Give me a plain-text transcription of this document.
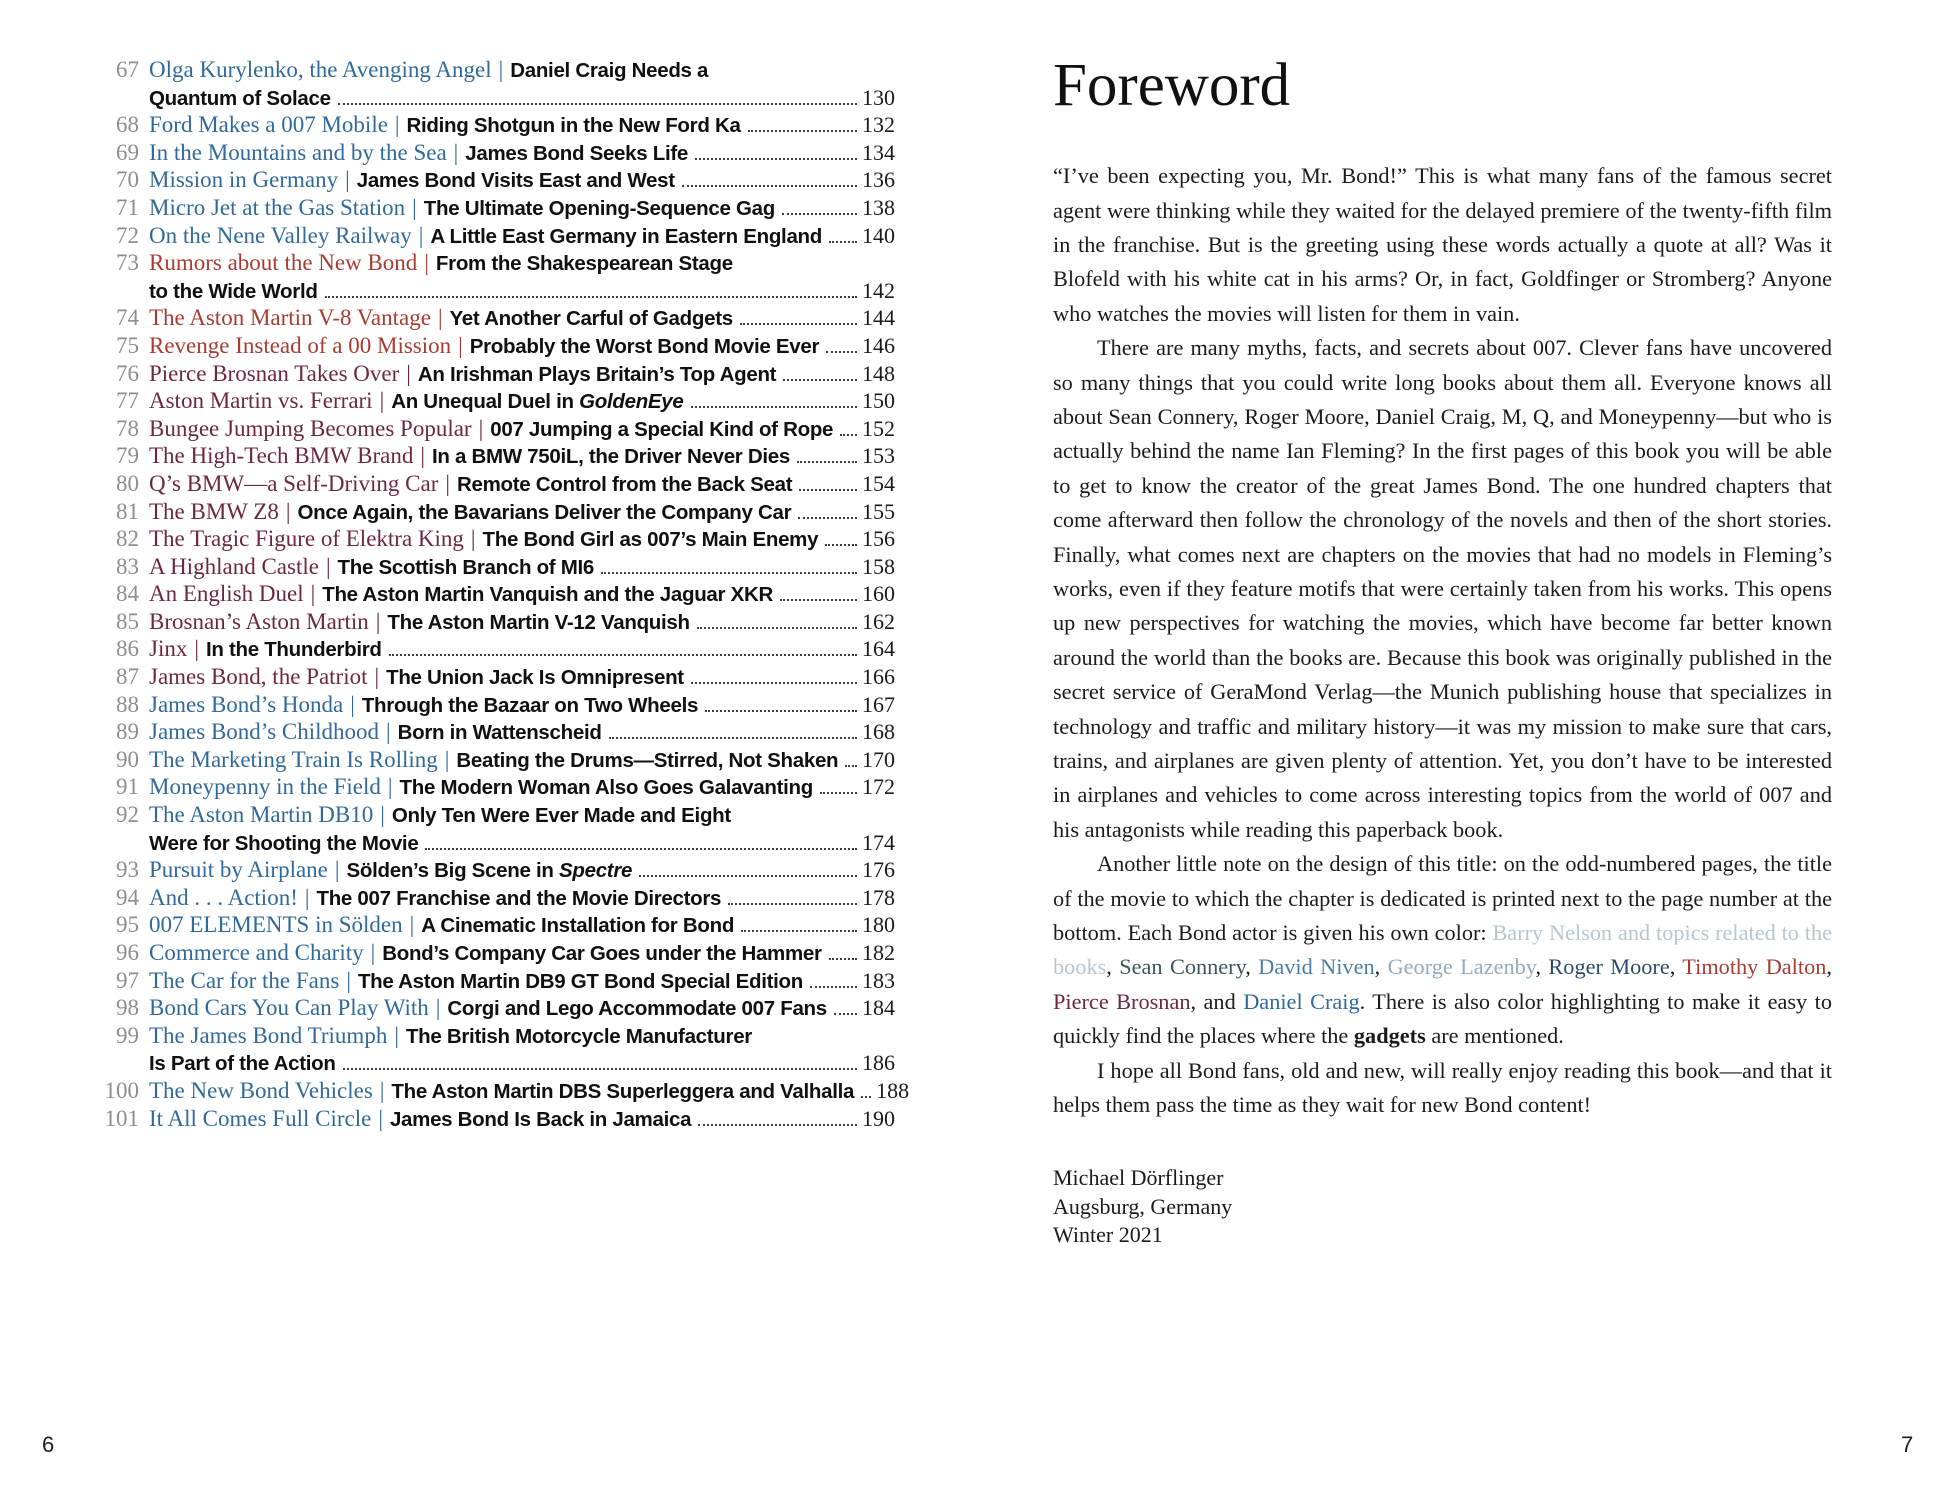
67 Olga Kurylenko, the Avenging Angel | Daniel Craig Needs a
Quantum of Solace	130
68 Ford Makes a 007 Mobile | Riding Shotgun in the New Ford Ka	132
69 In the Mountains and by the Sea | James Bond Seeks Life	134
70 Mission in Germany | James Bond Visits East and West	136
71 Micro Jet at the Gas Station | The Ultimate Opening-Sequence Gag	138
72 On the Nene Valley Railway | A Little East Germany in Eastern England 140
73 Rumors about the New Bond | From the Shakespearean Stage
to the Wide World	142
74 The Aston Martin V-8 Vantage | Yet Another Carful of Gadgets	144
75 Revenge Instead of a 00 Mission | Probably the Worst Bond Movie Ever 146
76 Pierce Brosnan Takes Over | An Irishman Plays Britain’s Top Agent	148
77 Aston Martin vs. Ferrari | An Unequal Duel in GoldenEye	150
78 Bungee Jumping Becomes Popular | 007 Jumping a Special Kind of Rope 152
79 The High-Tech BMW Brand | In a BMW 750iL, the Driver Never Dies	153
80 Q’s BMW—a Self-Driving Car | Remote Control from the Back Seat	154
81 The BMW Z8 | Once Again, the Bavarians Deliver the Company Car	155
82 The Tragic Figure of Elektra King | The Bond Girl as 007’s Main Enemy 156
83 A Highland Castle | The Scottish Branch of MI6	158
84 An English Duel | The Aston Martin Vanquish and the Jaguar XKR	160
85 Brosnan’s Aston Martin | The Aston Martin V-12 Vanquish	162
86 Jinx | In the Thunderbird	164
87 James Bond, the Patriot | The Union Jack Is Omnipresent	166
88 James Bond’s Honda | Through the Bazaar on Two Wheels	167
89 James Bond’s Childhood | Born in Wattenscheid	168
90 The Marketing Train Is Rolling | Beating the Drums—Stirred, Not Shaken 170
91 Moneypenny in the Field | The Modern Woman Also Goes Galavanting 172
92 The Aston Martin DB10 | Only Ten Were Ever Made and Eight
Were for Shooting the Movie	174
93 Pursuit by Airplane | Sölden’s Big Scene in Spectre	176
94 And . . . Action! | The 007 Franchise and the Movie Directors	178
95 007 ELEMENTS in Sölden | A Cinematic Installation for Bond	180
96 Commerce and Charity | Bond’s Company Car Goes under the Hammer 182
97 The Car for the Fans | The Aston Martin DB9 GT Bond Special Edition	183
98 Bond Cars You Can Play With | Corgi and Lego Accommodate 007 Fans 184
99 The James Bond Triumph | The British Motorcycle Manufacturer
Is Part of the Action	186
100 The New Bond Vehicles | The Aston Martin DBS Superleggera and Valhalla 188
101 It All Comes Full Circle | James Bond Is Back in Jamaica	190
Foreword

“I’ve been expecting you, Mr. Bond!” This is what many fans of the famous secret agent were thinking while they waited for the delayed premiere of the twenty-fifth film in the franchise. But is the greeting using these words actually a quote at all? Was it Blofeld with his white cat in his arms? Or, in fact, Goldfinger or Stromberg? Anyone who watches the movies will listen for them in vain.

There are many myths, facts, and secrets about 007. Clever fans have uncovered so many things that you could write long books about them all. Everyone knows all about Sean Connery, Roger Moore, Daniel Craig, M, Q, and Moneypenny—but who is actually behind the name Ian Fleming? In the first pages of this book you will be able to get to know the creator of the great James Bond. The one hundred chapters that come afterward then follow the chronology of the novels and then of the short stories. Finally, what comes next are chapters on the movies that had no models in Fleming’s works, even if they feature motifs that were certainly taken from his works. This opens up new perspectives for watching the movies, which have become far better known around the world than the books are. Because this book was originally published in the secret service of GeraMond Verlag—the Munich publishing house that specializes in technology and traffic and military history—it was my mission to make sure that cars, trains, and airplanes are given plenty of attention. Yet, you don’t have to be interested in airplanes and vehicles to come across interesting topics from the world of 007 and his antagonists while reading this paperback book.

Another little note on the design of this title: on the odd-numbered pages, the title of the movie to which the chapter is dedicated is printed next to the page number at the bottom. Each Bond actor is given his own color: Barry Nelson and topics related to the books, Sean Connery, David Niven, George Lazenby, Roger Moore, Timothy Dalton, Pierce Brosnan, and Daniel Craig. There is also color highlighting to make it easy to quickly find the places where the gadgets are mentioned.

I hope all Bond fans, old and new, will really enjoy reading this book—and that it helps them pass the time as they wait for new Bond content!

Michael Dörflinger
Augsburg, Germany
Winter 2021
6	7
